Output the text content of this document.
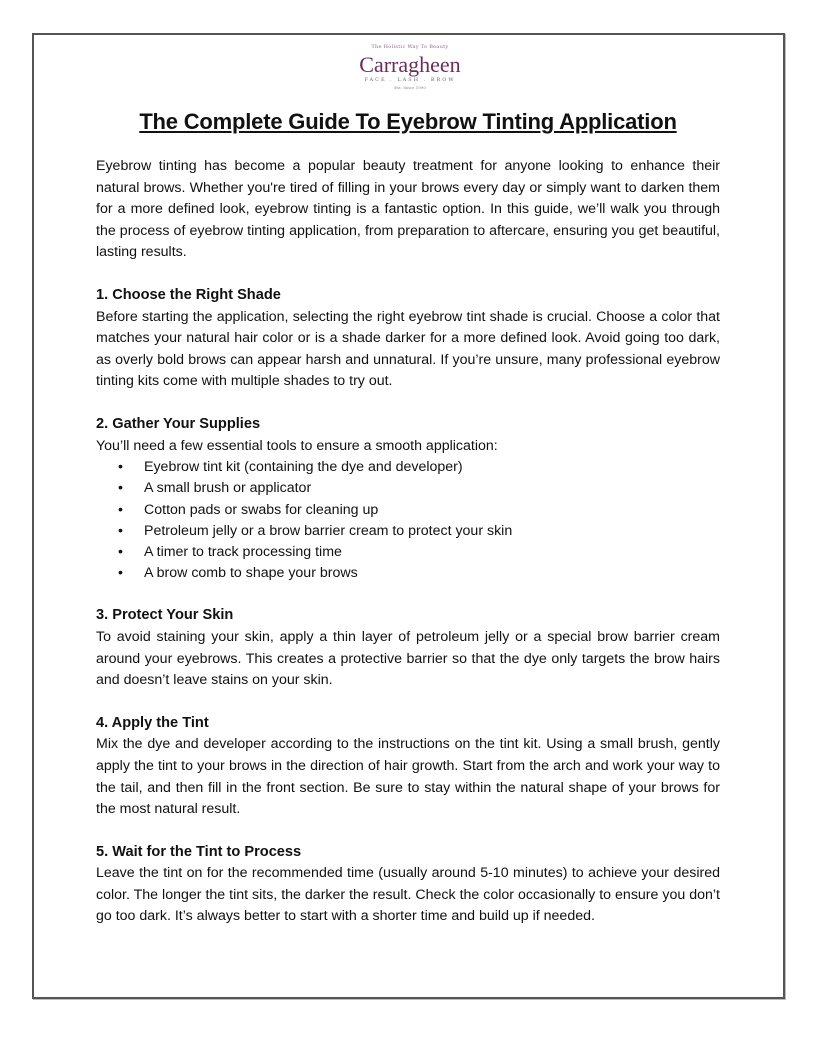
The Holistic Way To Beauty
Carragheen
FACE . LASH . BROW
Est. Since 1990
The Complete Guide To Eyebrow Tinting Application

Eyebrow tinting has become a popular beauty treatment for anyone looking to enhance their natural brows. Whether you're tired of filling in your brows every day or simply want to darken them for a more defined look, eyebrow tinting is a fantastic option. In this guide, we’ll walk you through the process of eyebrow tinting application, from preparation to aftercare, ensuring you get beautiful, lasting results.

1. Choose the Right Shade

Before starting the application, selecting the right eyebrow tint shade is crucial. Choose a color that matches your natural hair color or is a shade darker for a more defined look. Avoid going too dark, as overly bold brows can appear harsh and unnatural. If you’re unsure, many professional eyebrow tinting kits come with multiple shades to try out.

2. Gather Your Supplies

You’ll need a few essential tools to ensure a smooth application:

• Eyebrow tint kit (containing the dye and developer)
• A small brush or applicator
• Cotton pads or swabs for cleaning up
• Petroleum jelly or a brow barrier cream to protect your skin
• A timer to track processing time
• A brow comb to shape your brows
3. Protect Your Skin

To avoid staining your skin, apply a thin layer of petroleum jelly or a special brow barrier cream around your eyebrows. This creates a protective barrier so that the dye only targets the brow hairs and doesn’t leave stains on your skin.

4. Apply the Tint

Mix the dye and developer according to the instructions on the tint kit. Using a small brush, gently apply the tint to your brows in the direction of hair growth. Start from the arch and work your way to the tail, and then fill in the front section. Be sure to stay within the natural shape of your brows for the most natural result.

5. Wait for the Tint to Process

Leave the tint on for the recommended time (usually around 5-10 minutes) to achieve your desired color. The longer the tint sits, the darker the result. Check the color occasionally to ensure you don’t go too dark. It’s always better to start with a shorter time and build up if needed.
